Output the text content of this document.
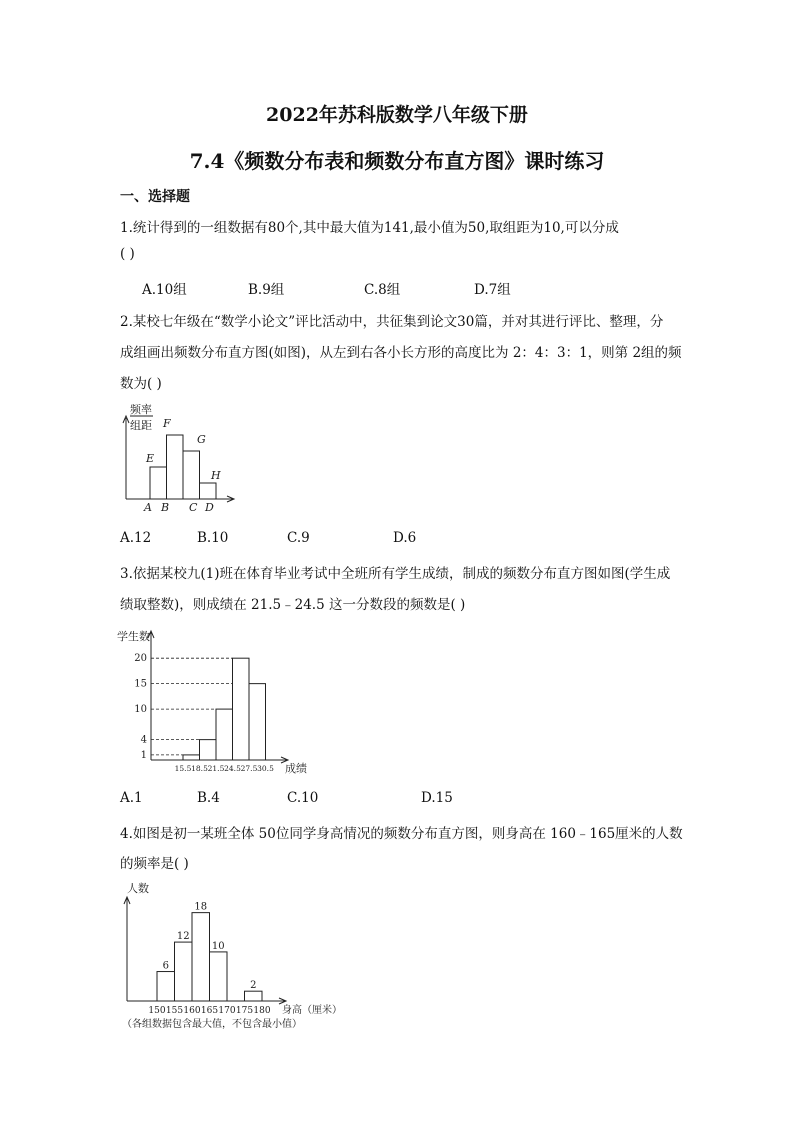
2022年苏科版数学八年级下册
7.4《频数分布表和频数分布直方图》课时练习
一、选择题
1.统计得到的一组数据有80个,其中最大值为141,最小值为50,取组距为10,可以分成
( )
A.10组	B.9组	C.8组	D.7组
2.某校七年级在“数学小论文”评比活动中，共征集到论文30篇，并对其进行评比、整理，分
成组画出频数分布直方图(如图)，从左到右各小长方形的高度比为 2：4：3：1，则第 2组的频
数为( )
频率
组距
E
F
G
H
A B C D
A.12	B.10	C.9	D.6
3.依据某校九(1)班在体育毕业考试中全班所有学生成绩，制成的频数分布直方图如图(学生成
绩取整数)，则成绩在 21.5﹣24.5 这一分数段的频数是( )
1
4
10
15
20
15.5 18.5 21.5 24.5 27.5 30.5
学生数
成绩
A.1	B.4	C.10	D.15
4.如图是初一某班全体 50位同学身高情况的频数分布直方图，则身高在 160﹣165厘米的人数
的频率是( )
6
12
18
10
2
150 155 160 165 170 175 180
人数
身高（厘米）
（各组数据包含最大值，不包含最小值）
